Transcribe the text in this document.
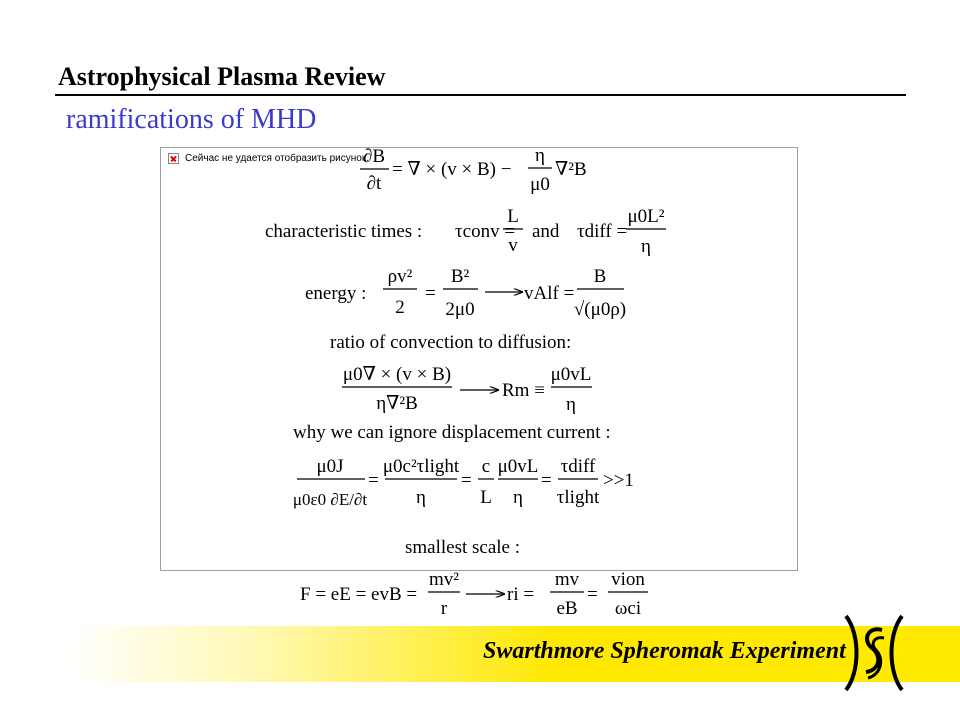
Astrophysical Plasma Review
ramifications of MHD
Сейчас не удается отобразить рисунок.
∂B
∂t
= ∇ × (v × B) −
η
μ0
∇²B
characteristic times : τconv =
L
v
and τdiff =
μ0L²
η
energy :
ρv²
2
=
B²
2μ0
vAlf =
B
√(μ0ρ)
ratio of convection to diffusion:
μ0∇ × (v × B)
η∇²B
Rm ≡
μ0vL
η
why we can ignore displacement current :
μ0J
μ0ε0 ∂E/∂t
=
μ0c²τlight
η
=
c
L
μ0vL
η
=
τdiff
τlight
>>1
smallest scale :
F = eE = evB =
mv²
r
ri =
mv
eB
=
vion
ωci
Swarthmore Spheromak Experiment
